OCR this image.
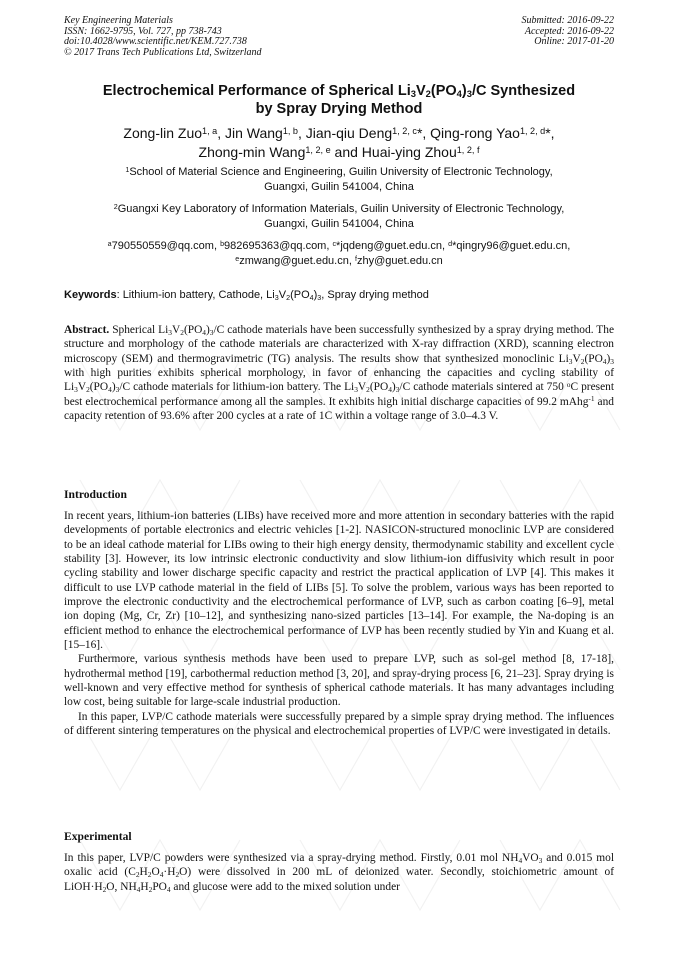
Key Engineering Materials
ISSN: 1662-9795, Vol. 727, pp 738-743
doi:10.4028/www.scientific.net/KEM.727.738
© 2017 Trans Tech Publications Ltd, Switzerland
Submitted: 2016-09-22
Accepted: 2016-09-22
Online: 2017-01-20
Electrochemical Performance of Spherical $Li_3V_2(PO_4)_3/C$ Synthesized
by Spray Drying Method
Zong-lin Zuo$^{1, a}$, Jin Wang$^{1, b}$, Jian-qiu Deng$^{1, 2, c}$*, Qing-rong Yao$^{1, 2, d}$*,
Zhong-min Wang$^{1, 2, e}$ and Huai-ying Zhou$^{1, 2, f}$
$^1$School of Material Science and Engineering, Guilin University of Electronic Technology,
Guangxi, Guilin 541004, China
$^2$Guangxi Key Laboratory of Information Materials, Guilin University of Electronic Technology,
Guangxi, Guilin 541004, China
$^a$790550559@qq.com, $^b$982695363@qq.com, $^c$*jqdeng@guet.edu.cn, $^d$*qingry96@guet.edu.cn,
$^e$zmwang@guet.edu.cn, $^f$zhy@guet.edu.cn
Keywords: Lithium-ion battery, Cathode, $Li_3V_2(PO_4)_3$, Spray drying method

Abstract. Spherical $Li_3V_2(PO_4)_3/C$ cathode materials have been successfully synthesized by a spray drying method. The structure and morphology of the cathode materials are characterized with X-ray diffraction (XRD), scanning electron microscopy (SEM) and thermogravimetric (TG) analysis. The results show that synthesized monoclinic $Li_3V_2(PO_4)_3$ with high purities exhibits spherical morphology, in favor of enhancing the capacities and cycling stability of $Li_3V_2(PO_4)_3/C$ cathode materials for lithium-ion battery. The $Li_3V_2(PO_4)_3/C$ cathode materials sintered at 750 $^o$C present best electrochemical performance among all the samples. It exhibits high initial discharge capacities of 99.2 mAhg$^{-1}$ and capacity retention of 93.6% after 200 cycles at a rate of 1C within a voltage range of 3.0–4.3 V.

Introduction

In recent years, lithium-ion batteries (LIBs) have received more and more attention in secondary batteries with the rapid developments of portable electronics and electric vehicles [1-2]. NASICON-structured monoclinic LVP are considered to be an ideal cathode material for LIBs owing to their high energy density, thermodynamic stability and excellent cycle stability [3]. However, its low intrinsic electronic conductivity and slow lithium-ion diffusivity which result in poor cycling stability and lower discharge specific capacity and restrict the practical application of LVP [4]. This makes it difficult to use LVP cathode material in the field of LIBs [5]. To solve the problem, various ways has been reported to improve the electronic conductivity and the electrochemical performance of LVP, such as carbon coating [6–9], metal ion doping (Mg, Cr, Zr) [10–12], and synthesizing nano-sized particles [13–14]. For example, the Na-doping is an efficient method to enhance the electrochemical performance of LVP has been recently studied by Yin and Kuang et al. [15–16].

Furthermore, various synthesis methods have been used to prepare LVP, such as sol-gel method [8, 17-18], hydrothermal method [19], carbothermal reduction method [3, 20], and spray-drying process [6, 21–23]. Spray drying is well-known and very effective method for synthesis of spherical cathode materials. It has many advantages including low cost, being suitable for large-scale industrial production.

In this paper, LVP/C cathode materials were successfully prepared by a simple spray drying method. The influences of different sintering temperatures on the physical and electrochemical properties of LVP/C were investigated in details.

Experimental

In this paper, LVP/C powders were synthesized via a spray-drying method. Firstly, 0.01 mol $NH_4VO_3$ and 0.015 mol oxalic acid $(C_2H_2O_4\cdot H_2O)$ were dissolved in 200 mL of deionized water. Secondly, stoichiometric amount of $LiOH\cdot H_2O$, $NH_4H_2PO_4$ and glucose were add to the mixed solution under
